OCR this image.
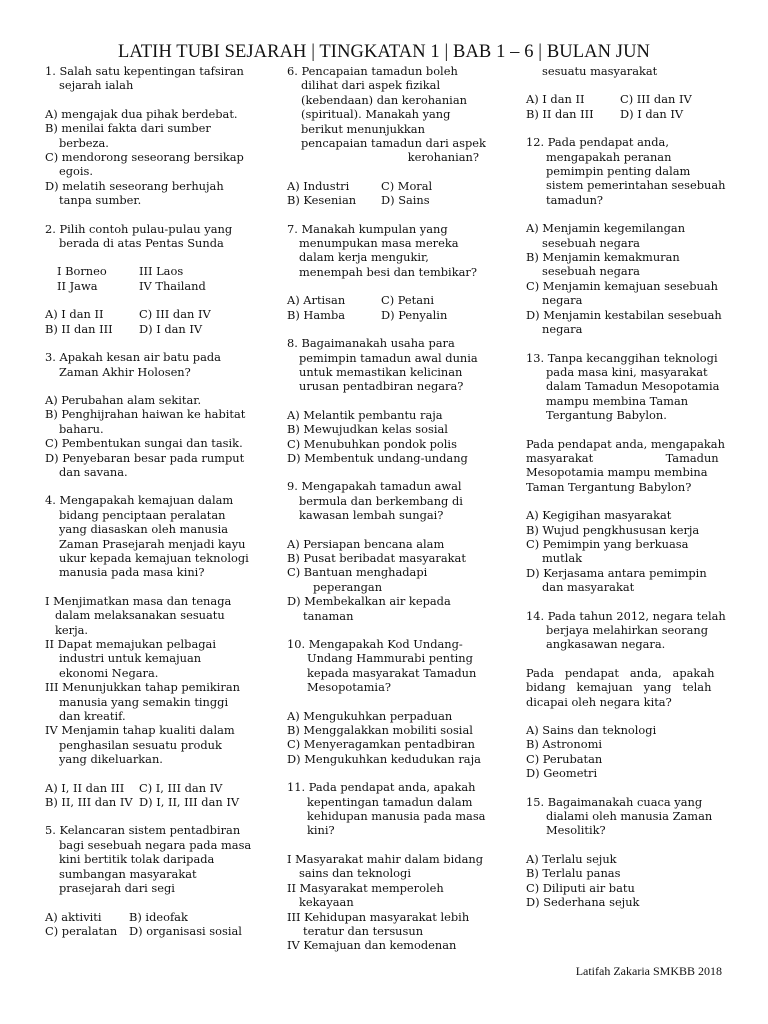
LATIH TUBI SEJARAH | TINGKATAN 1 | BAB 1 – 6 | BULAN JUN
1. Salah satu kepentingan tafsiran
sejarah ialah
A) mengajak dua pihak berdebat.
B) menilai fakta dari sumber
berbeza.
C) mendorong seseorang bersikap
egois.
D) melatih seseorang berhujah
tanpa sumber.
2. Pilih contoh pulau-pulau yang
berada di atas Pentas Sunda
I Borneo	III Laos
II Jawa	IV Thailand
A) I dan II	C) III dan IV
B) II dan III	D) I dan IV
3. Apakah kesan air batu pada
Zaman Akhir Holosen?
A) Perubahan alam sekitar.
B) Penghijrahan haiwan ke habitat
baharu.
C) Pembentukan sungai dan tasik.
D) Penyebaran besar pada rumput
dan savana.
4. Mengapakah kemajuan dalam
bidang penciptaan peralatan
yang diasaskan oleh manusia
Zaman Prasejarah menjadi kayu
ukur kepada kemajuan teknologi
manusia pada masa kini?
I Menjimatkan masa dan tenaga
dalam melaksanakan sesuatu
kerja.
II Dapat memajukan pelbagai
industri untuk kemajuan
ekonomi Negara.
III Menunjukkan tahap pemikiran
manusia yang semakin tinggi
dan kreatif.
IV Menjamin tahap kualiti dalam
penghasilan sesuatu produk
yang dikeluarkan.
A) I, II dan III	C) I, III dan IV
B) II, III dan IV D) I, II, III dan IV
5. Kelancaran sistem pentadbiran
bagi sesebuah negara pada masa
kini bertitik tolak daripada
sumbangan masyarakat
prasejarah dari segi
A) aktiviti	B) ideofak
C) peralatan	D) organisasi sosial
6. Pencapaian tamadun boleh
dilihat dari aspek fizikal
(kebendaan) dan kerohanian
(spiritual). Manakah yang
berikut menunjukkan
pencapaian tamadun dari aspek
kerohanian?
A) Industri	C) Moral
B) Kesenian	D) Sains
7. Manakah kumpulan yang
menumpukan masa mereka
dalam kerja mengukir,
menempah besi dan tembikar?
A) Artisan	C) Petani
B) Hamba	D) Penyalin
8. Bagaimanakah usaha para
pemimpin tamadun awal dunia
untuk memastikan kelicinan
urusan pentadbiran negara?
A) Melantik pembantu raja
B) Mewujudkan kelas sosial
C) Menubuhkan pondok polis
D) Membentuk undang-undang
9. Mengapakah tamadun awal
bermula dan berkembang di
kawasan lembah sungai?
A) Persiapan bencana alam
B) Pusat beribadat masyarakat
C) Bantuan menghadapi
peperangan
D) Membekalkan air kepada
tanaman
10. Mengapakah Kod Undang-
Undang Hammurabi penting
kepada masyarakat Tamadun
Mesopotamia?
A) Mengukuhkan perpaduan
B) Menggalakkan mobiliti sosial
C) Menyeragamkan pentadbiran
D) Mengukuhkan kedudukan raja
11. Pada pendapat anda, apakah
kepentingan tamadun dalam
kehidupan manusia pada masa
kini?
I Masyarakat mahir dalam bidang
sains dan teknologi
II Masyarakat memperoleh
kekayaan
III Kehidupan masyarakat lebih
teratur dan tersusun
IV Kemajuan dan kemodenan
sesuatu masyarakat
A) I dan II	C) III dan IV
B) II dan III	D) I dan IV
12. Pada pendapat anda,
mengapakah peranan
pemimpin penting dalam
sistem pemerintahan sesebuah
tamadun?
A) Menjamin kegemilangan
sesebuah negara
B) Menjamin kemakmuran
sesebuah negara
C) Menjamin kemajuan sesebuah
negara
D) Menjamin kestabilan sesebuah
negara
13. Tanpa kecanggihan teknologi
pada masa kini, masyarakat
dalam Tamadun Mesopotamia
mampu membina Taman
Tergantung Babylon.
Pada pendapat anda, mengapakah
masyarakat                    Tamadun
Mesopotamia mampu membina
Taman Tergantung Babylon?
A) Kegigihan masyarakat
B) Wujud pengkhususan kerja
C) Pemimpin yang berkuasa
mutlak
D) Kerjasama antara pemimpin
dan masyarakat
14. Pada tahun 2012, negara telah
berjaya melahirkan seorang
angkasawan negara.
Pada   pendapat   anda,   apakah
bidang   kemajuan   yang   telah
dicapai oleh negara kita?
A) Sains dan teknologi
B) Astronomi
C) Perubatan
D) Geometri
15. Bagaimanakah cuaca yang
dialami oleh manusia Zaman
Mesolitik?
A) Terlalu sejuk
B) Terlalu panas
C) Diliputi air batu
D) Sederhana sejuk
Latifah Zakaria SMKBB 2018
